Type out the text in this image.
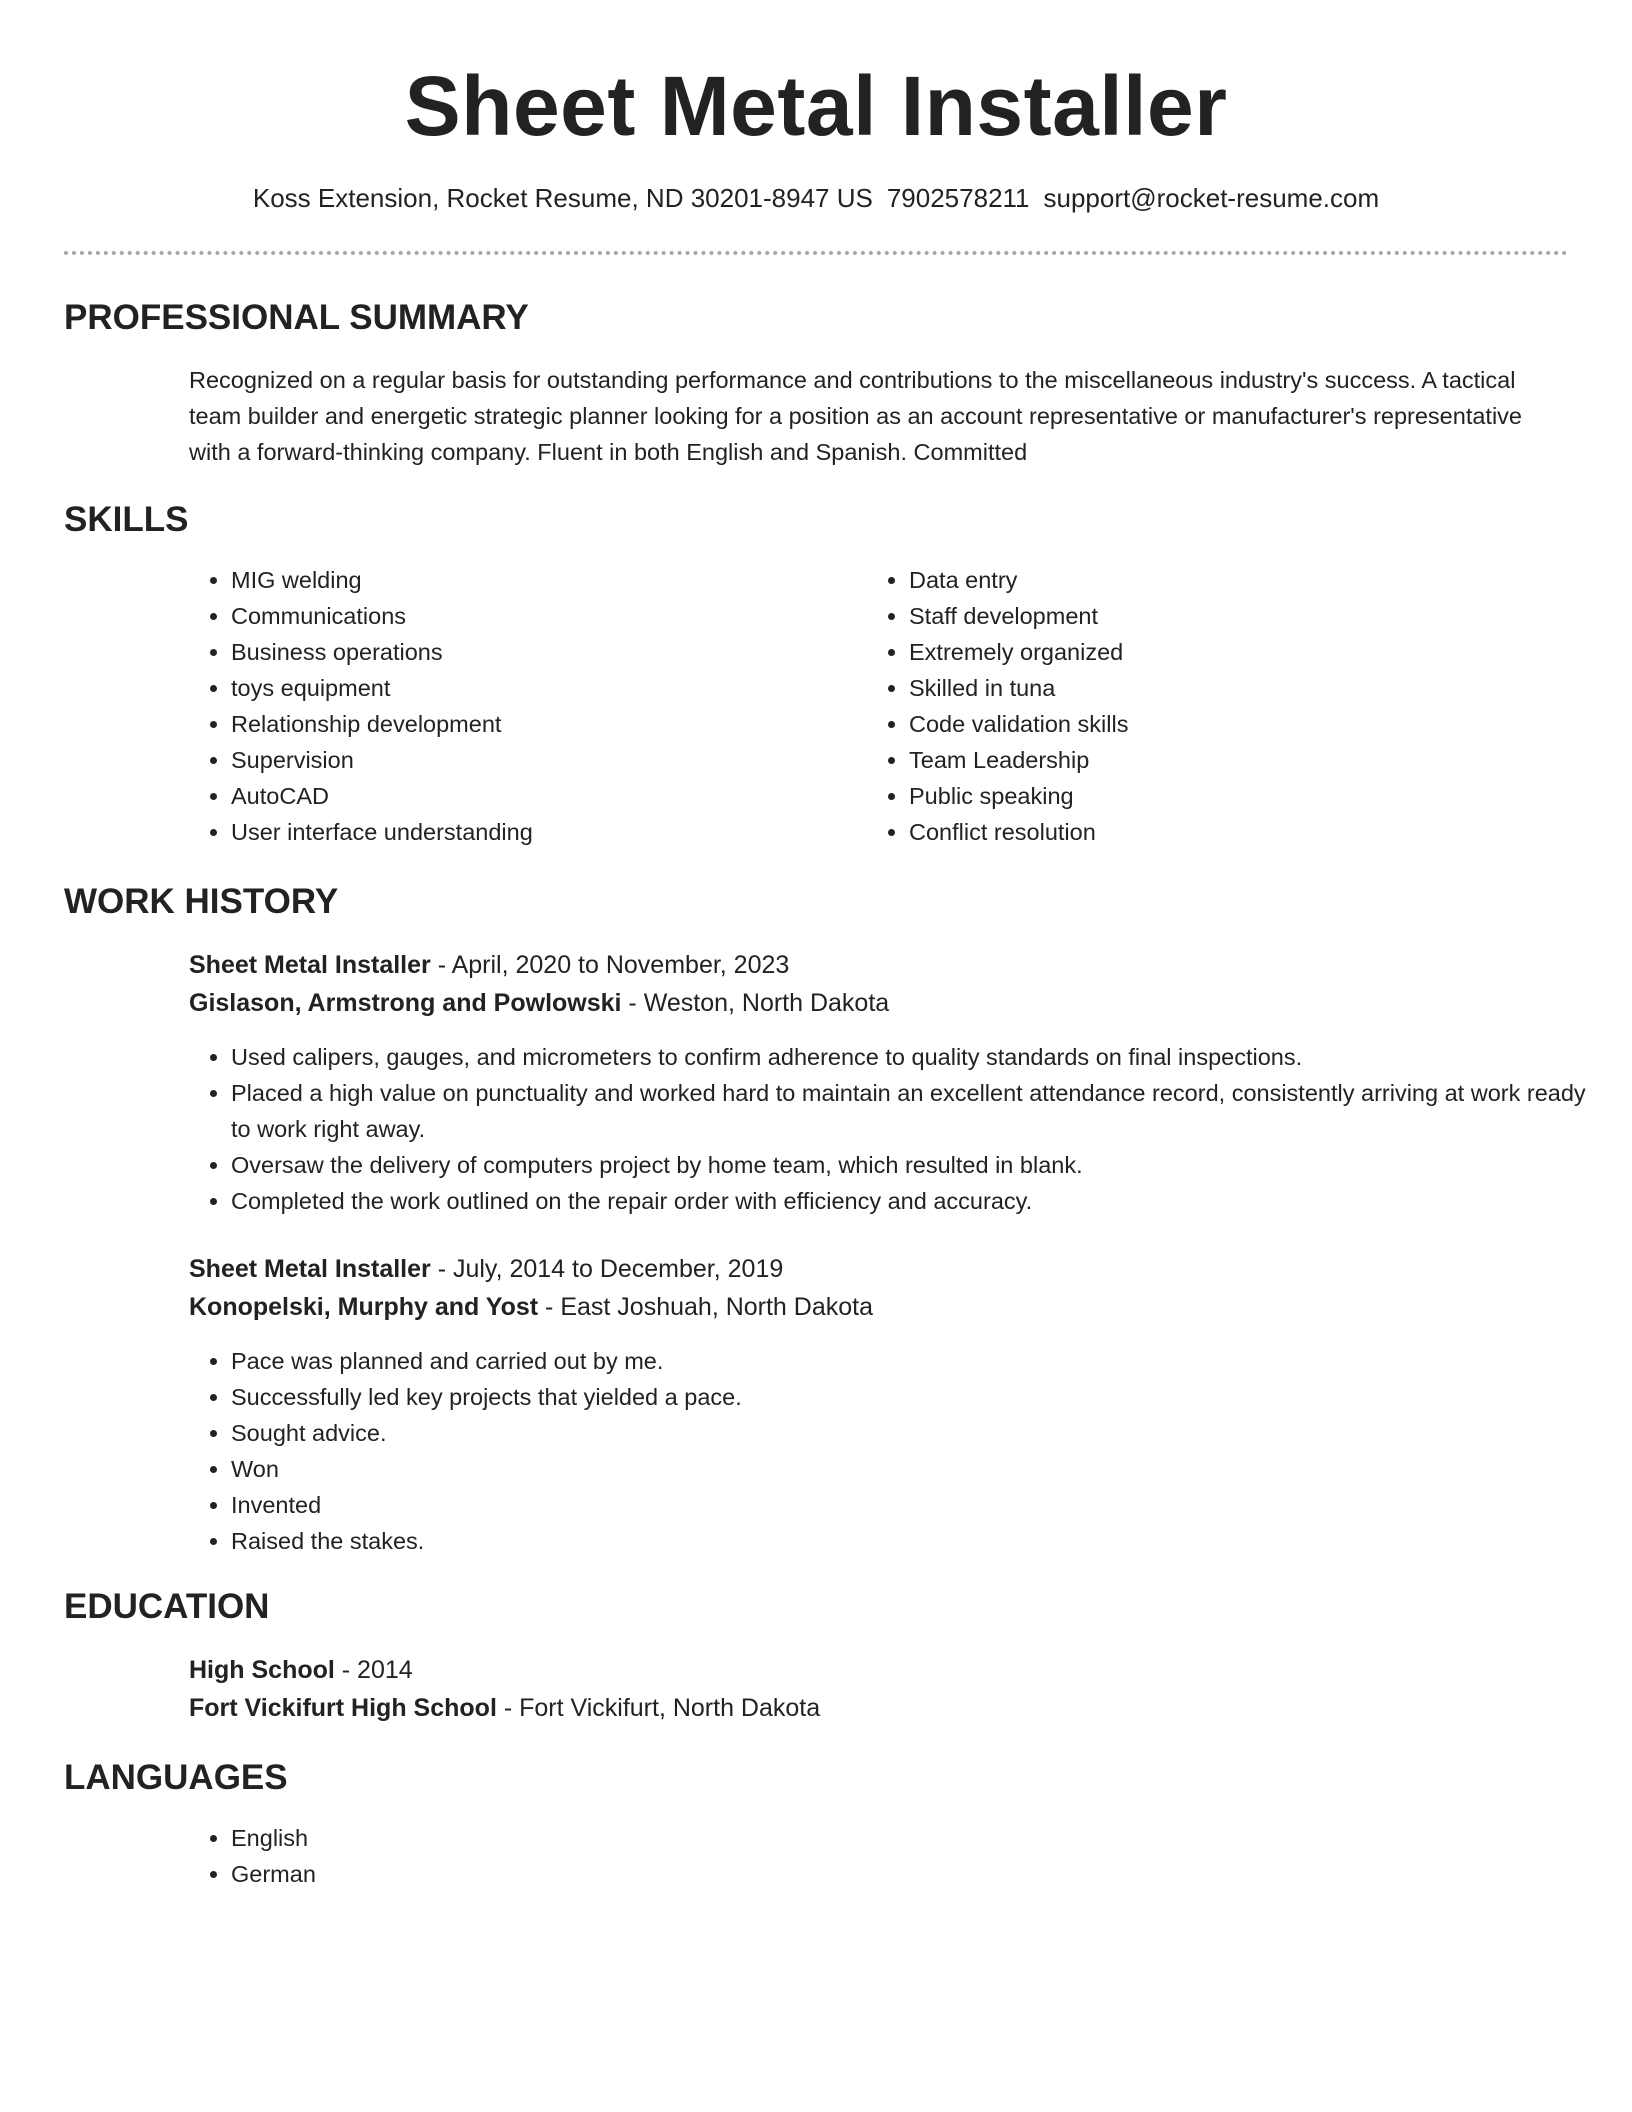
Sheet Metal Installer
Koss Extension, Rocket Resume, ND 30201-8947 US 7902578211 support@rocket-resume.com
PROFESSIONAL SUMMARY

Recognized on a regular basis for outstanding performance and contributions to the miscellaneous industry's success. A tactical team builder and energetic strategic planner looking for a position as an account representative or manufacturer's representative with a forward-thinking company. Fluent in both English and Spanish. Committed

SKILLS
• MIG welding
• Communications
• Business operations
• toys equipment
• Relationship development
• Supervision
• AutoCAD
• User interface understanding
• Data entry
• Staff development
• Extremely organized
• Skilled in tuna
• Code validation skills
• Team Leadership
• Public speaking
• Conflict resolution
WORK HISTORY

Sheet Metal Installer - April, 2020 to November, 2023

Gislason, Armstrong and Powlowski - Weston, North Dakota

• Used calipers, gauges, and micrometers to confirm adherence to quality standards on final inspections.
• Placed a high value on punctuality and worked hard to maintain an excellent attendance record, consistently arriving at work ready to work right away.
• Oversaw the delivery of computers project by home team, which resulted in blank.
• Completed the work outlined on the repair order with efficiency and accuracy.

Sheet Metal Installer - July, 2014 to December, 2019

Konopelski, Murphy and Yost - East Joshuah, North Dakota

• Pace was planned and carried out by me.
• Successfully led key projects that yielded a pace.
• Sought advice.
• Won
• Invented
• Raised the stakes.
EDUCATION

High School - 2014

Fort Vickifurt High School - Fort Vickifurt, North Dakota

LANGUAGES
• English
• German
